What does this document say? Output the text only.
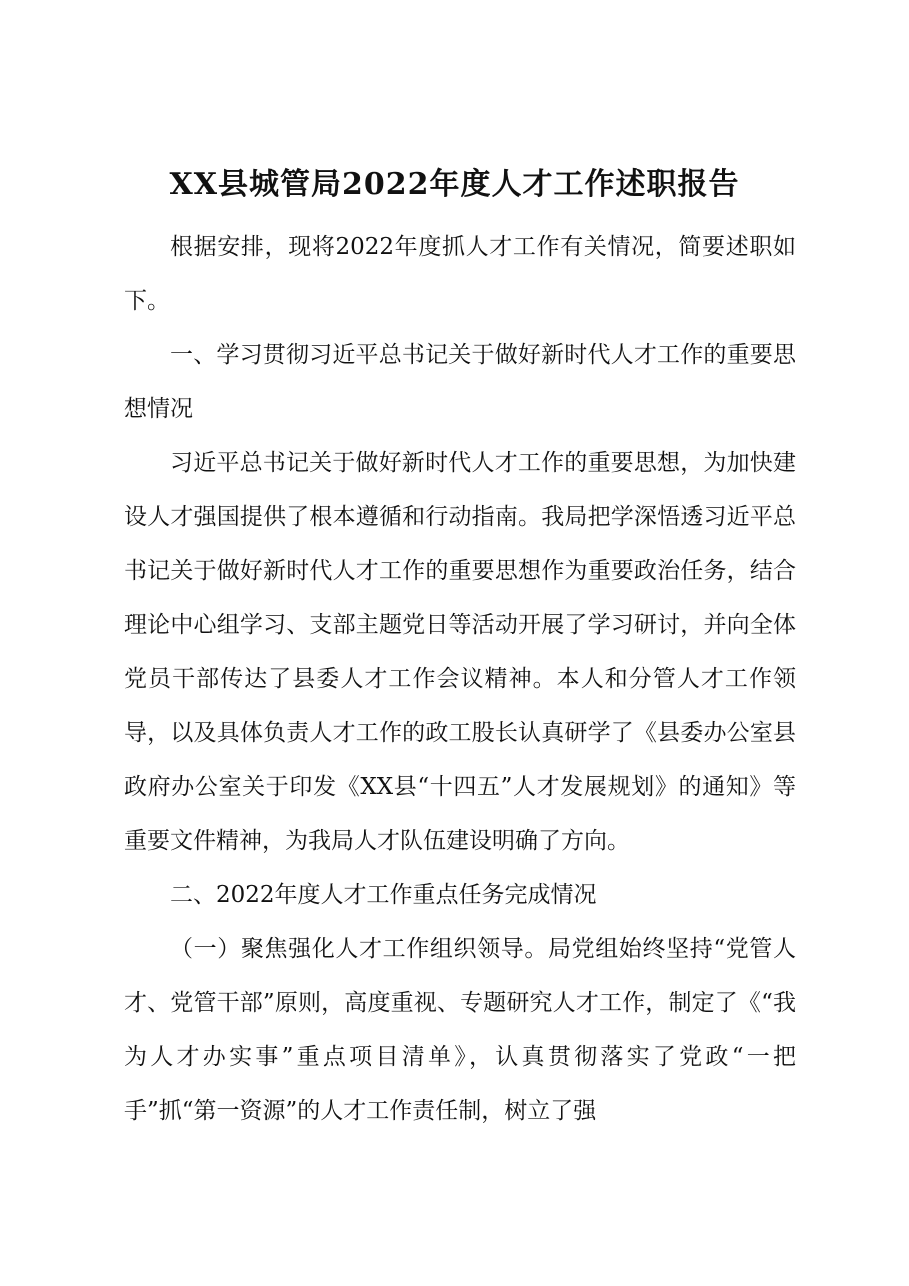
XX县城管局2022年度人才工作述职报告

根据安排，现将2022年度抓人才工作有关情况，简要述职如下。

一、学习贯彻习近平总书记关于做好新时代人才工作的重要思想情况

习近平总书记关于做好新时代人才工作的重要思想，为加快建设人才强国提供了根本遵循和行动指南。我局把学深悟透习近平总书记关于做好新时代人才工作的重要思想作为重要政治任务，结合理论中心组学习、支部主题党日等活动开展了学习研讨，并向全体党员干部传达了县委人才工作会议精神。本人和分管人才工作领导，以及具体负责人才工作的政工股长认真研学了《县委办公室县政府办公室关于印发《XX县“十四五”人才发展规划》的通知》等重要文件精神，为我局人才队伍建设明确了方向。

二、2022年度人才工作重点任务完成情况

（一）聚焦强化人才工作组织领导。局党组始终坚持“党管人才、党管干部”原则，高度重视、专题研究人才工作，制定了《“我为人才办实事”重点项目清单》，认真贯彻落实了党政“一把手”抓“第一资源”的人才工作责任制，树立了强
